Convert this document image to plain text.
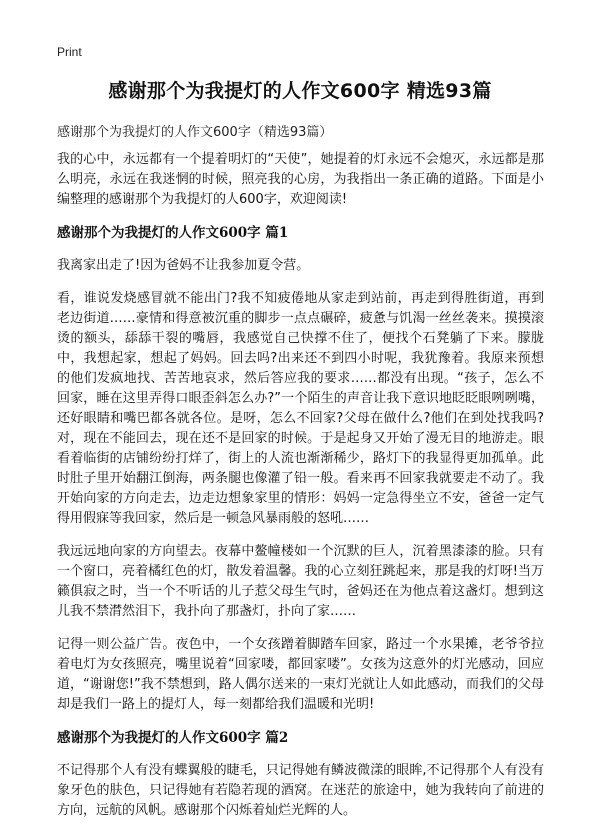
Print
感谢那个为我提灯的人作文600字 精选93篇
感谢那个为我提灯的人作文600字（精选93篇）

我的心中，永远都有一个提着明灯的“天使”，她提着的灯永远不会熄灭，永远都是那么明亮，永远在我迷惘的时候，照亮我的心房，为我指出一条正确的道路。下面是小编整理的感谢那个为我提灯的人600字，欢迎阅读!

感谢那个为我提灯的人作文600字 篇1

我离家出走了!因为爸妈不让我参加夏令营。

看，谁说发烧感冒就不能出门?我不知疲倦地从家走到站前，再走到得胜街道，再到老边街道……豪情和得意被沉重的脚步一点点碾碎，疲惫与饥渴一丝丝袭来。摸摸滚烫的额头，舔舔干裂的嘴唇，我感觉自己快撑不住了，便找个石凳躺了下来。朦胧中，我想起家，想起了妈妈。回去吗?出来还不到四小时呢，我犹豫着。我原来预想的他们发疯地找、苦苦地哀求，然后答应我的要求……都没有出现。“孩子，怎么不回家，睡在这里弄得口眼歪斜怎么办?”一个陌生的声音让我下意识地眨眨眼咧咧嘴，还好眼睛和嘴巴都各就各位。是呀，怎么不回家?父母在做什么?他们在到处找我吗?对，现在不能回去，现在还不是回家的时候。于是起身又开始了漫无目的地游走。眼看着临街的店铺纷纷打烊了，街上的人流也渐渐稀少，路灯下的我显得更加孤单。此时肚子里开始翻江倒海，两条腿也像灌了铅一般。看来再不回家我就要走不动了。我开始向家的方向走去，边走边想象家里的情形：妈妈一定急得坐立不安，爸爸一定气得用假寐等我回家，然后是一顿急风暴雨般的怒吼……

我远远地向家的方向望去。夜幕中鳌幢楼如一个沉默的巨人，沉着黑漆漆的脸。只有一个窗口，亮着橘红色的灯，散发着温馨。我的心立刻狂跳起来，那是我的灯呀!当万籁俱寂之时，当一个不听话的儿子惹父母生气时，爸妈还在为他点着这盏灯。想到这儿我不禁潸然泪下，我扑向了那盏灯，扑向了家……

记得一则公益广告。夜色中，一个女孩蹭着脚踏车回家，路过一个水果摊，老爷爷拉着电灯为女孩照亮，嘴里说着“回家喽，都回家喽”。女孩为这意外的灯光感动，回应道，“谢谢您!”我不禁想到，路人偶尔送来的一束灯光就让人如此感动，而我们的父母却是我们一路上的提灯人，每一刻都给我们温暖和光明!

感谢那个为我提灯的人作文600字 篇2

不记得那个人有没有蝶翼般的睫毛，只记得她有鳞波微漾的眼眸,不记得那个人有没有象牙色的肤色，只记得她有若隐若现的酒窝。在迷茫的旅途中，她为我转向了前进的方向，远航的风帆。感谢那个闪烁着灿烂光辉的人。
